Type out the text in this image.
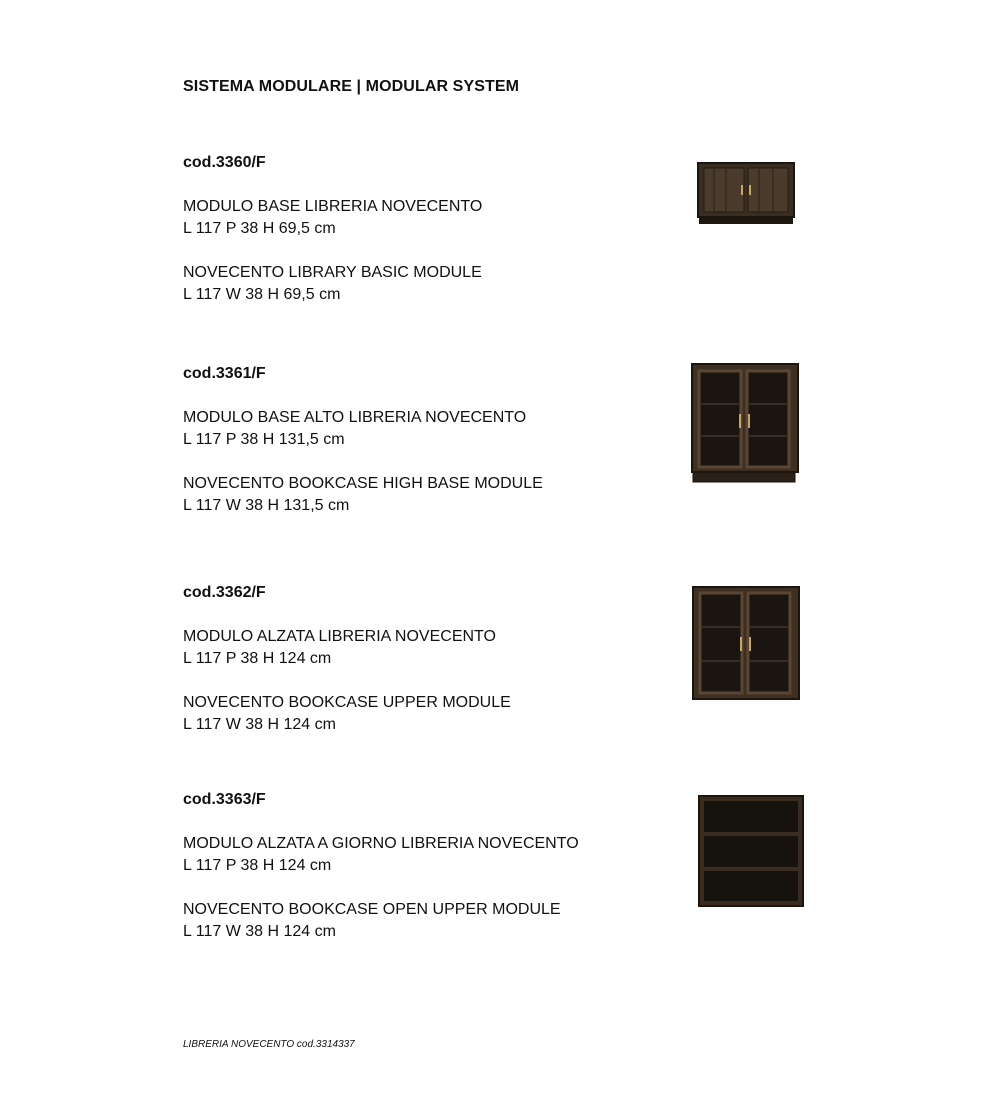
SISTEMA MODULARE | MODULAR SYSTEM
cod.3360/F
MODULO BASE LIBRERIA NOVECENTO
L 117 P 38 H 69,5 cm
NOVECENTO LIBRARY BASIC MODULE
L 117 W 38 H 69,5 cm
cod.3361/F
MODULO BASE ALTO LIBRERIA NOVECENTO
L 117 P 38 H 131,5 cm
NOVECENTO BOOKCASE HIGH BASE MODULE
L 117 W 38 H 131,5 cm
cod.3362/F
MODULO ALZATA LIBRERIA NOVECENTO
L 117 P 38 H 124 cm
NOVECENTO BOOKCASE UPPER MODULE
L 117 W 38 H 124 cm
cod.3363/F
MODULO ALZATA A GIORNO LIBRERIA NOVECENTO
L 117 P 38 H 124 cm
NOVECENTO BOOKCASE OPEN UPPER MODULE
L 117 W 38 H 124 cm
LIBRERIA NOVECENTO cod.3314337
